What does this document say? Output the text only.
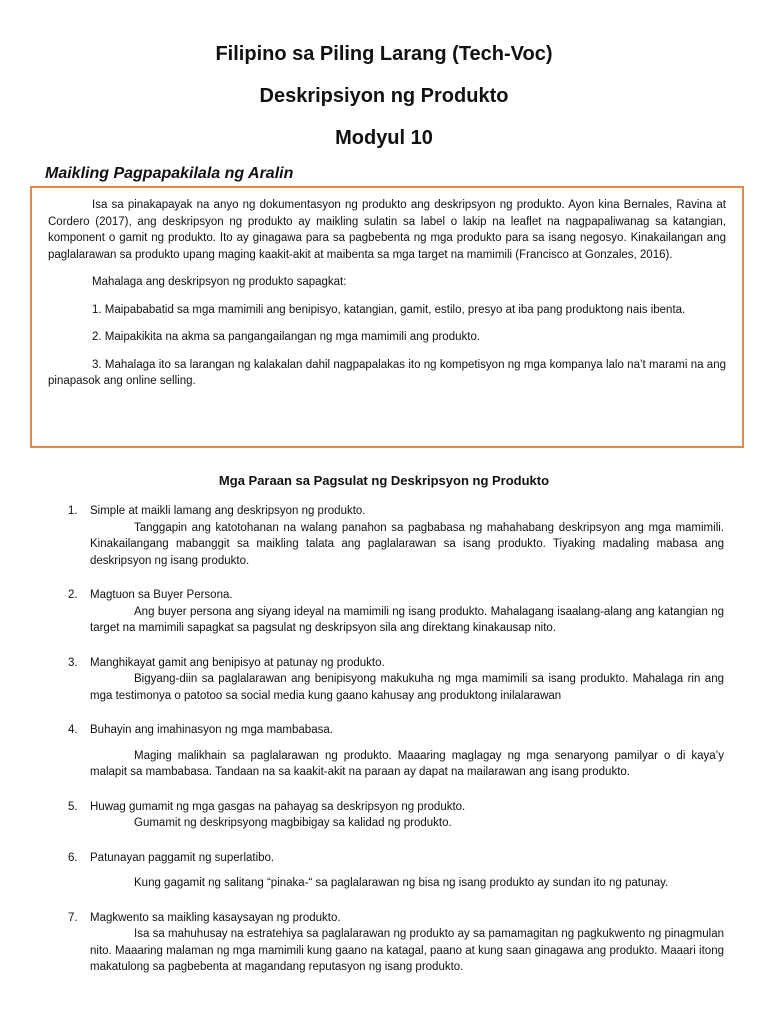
Filipino sa Piling Larang (Tech-Voc)
Deskripsiyon ng Produkto
Modyul 10
Maikling Pagpapakilala ng Aralin

Isa sa pinakapayak na anyo ng dokumentasyon ng produkto ang deskripsyon ng produkto. Ayon kina Bernales, Ravina at Cordero (2017), ang deskripsyon ng produkto ay maikling sulatin sa label o lakip na leaflet na nagpapaliwanag sa katangian, komponent o gamit ng produkto. Ito ay ginagawa para sa pagbebenta ng mga produkto para sa isang negosyo. Kinakailangan ang paglalarawan sa produkto upang maging kaakit-akit at maibenta sa mga target na mamimili (Francisco at Gonzales, 2016).

Mahalaga ang deskripsyon ng produkto sapagkat:

1. Maipababatid sa mga mamimili ang benipisyo, katangian, gamit, estilo, presyo at iba pang produktong nais ibenta.

2. Maipakikita na akma sa pangangailangan ng mga mamimili ang produkto.

3. Mahalaga ito sa larangan ng kalakalan dahil nagpapalakas ito ng kompetisyon ng mga kompanya lalo na’t marami na ang pinapasok ang online selling.

Mga Paraan sa Pagsulat ng Deskripsyon ng Produkto
1. Simple at maikli lamang ang deskripsyon ng produkto.
Tanggapin ang katotohanan na walang panahon sa pagbabasa ng mahahabang deskripsyon ang mga mamimili. Kinakailangang mabanggit sa maikling talata ang paglalarawan sa isang produkto. Tiyaking madaling mabasa ang deskripsyon ng isang produkto.
2. Magtuon sa Buyer Persona.
Ang buyer persona ang siyang ideyal na mamimili ng isang produkto. Mahalagang isaalang-alang ang katangian ng target na mamimili sapagkat sa pagsulat ng deskripsyon sila ang direktang kinakausap nito.
3. Manghikayat gamit ang benipisyo at patunay ng produkto.
Bigyang-diin sa paglalarawan ang benipisyong makukuha ng mga mamimili sa isang produkto. Mahalaga rin ang mga testimonya o patotoo sa social media kung gaano kahusay ang produktong inilalarawan
4. Buhayin ang imahinasyon ng mga mambabasa.
Maging malikhain sa paglalarawan ng produkto. Maaaring maglagay ng mga senaryong pamilyar o di kaya’y malapit sa mambabasa. Tandaan na sa kaakit-akit na paraan ay dapat na mailarawan ang isang produkto.
5. Huwag gumamit ng mga gasgas na pahayag sa deskripsyon ng produkto.
Gumamit ng deskripsyong magbibigay sa kalidad ng produkto.
6. Patunayan paggamit ng superlatibo.
Kung gagamit ng salitang “pinaka-“ sa paglalarawan ng bisa ng isang produkto ay sundan ito ng patunay.
7. Magkwento sa maikling kasaysayan ng produkto.
Isa sa mahuhusay na estratehiya sa paglalarawan ng produkto ay sa pamamagitan ng pagkukwento ng pinagmulan nito. Maaaring malaman ng mga mamimili kung gaano na katagal, paano at kung saan ginagawa ang produkto. Maaari itong makatulong sa pagbebenta at magandang reputasyon ng isang produkto.
